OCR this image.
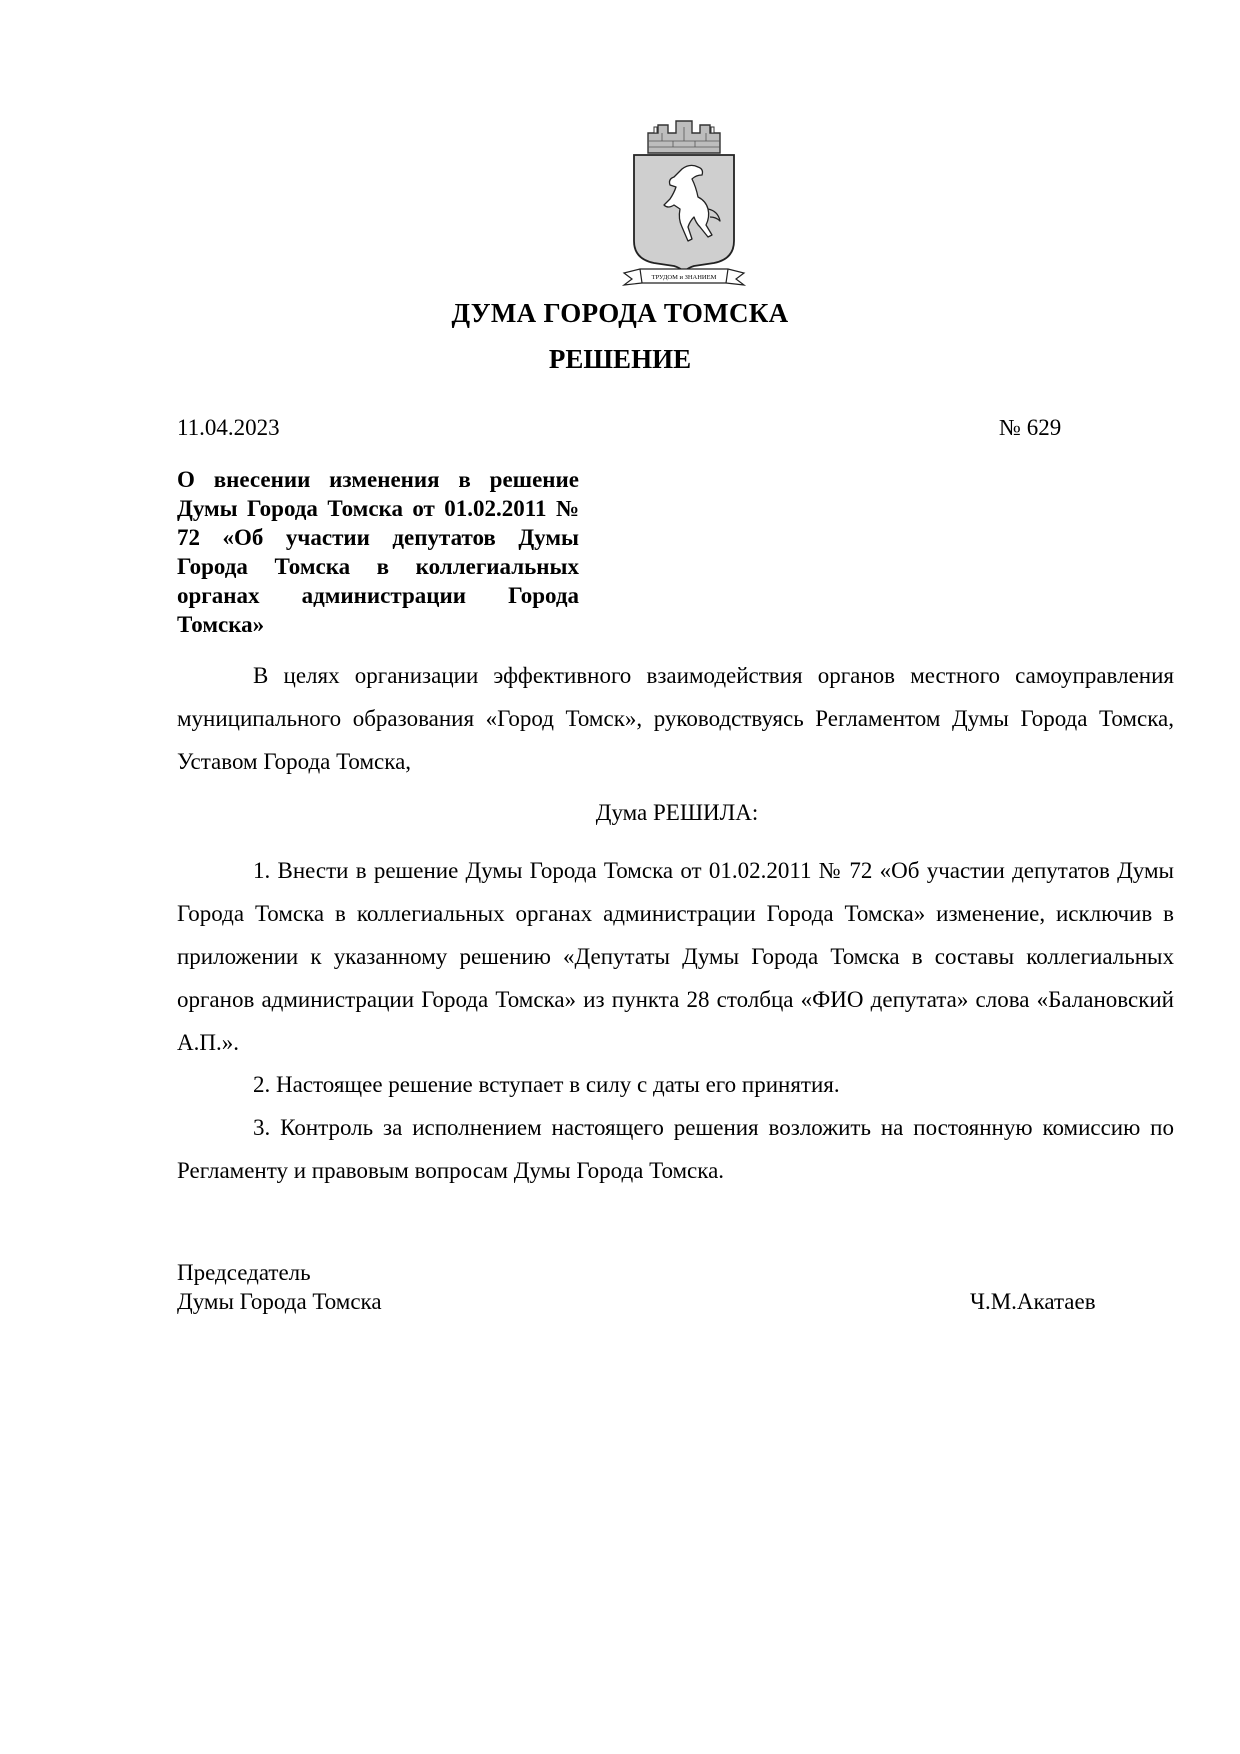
ТРУДОМ и ЗНАНИЕМ
ДУМА ГОРОДА ТОМСКА
РЕШЕНИЕ
11.04.2023	№ 629
О внесении изменения в решение Думы Города Томска от 01.02.2011 № 72 «Об участии депутатов Думы Города Томска в коллегиальных органах администрации Города Томска»
В целях организации эффективного взаимодействия органов местного самоуправления муниципального образования «Город Томск», руководствуясь Регламентом Думы Города Томска, Уставом Города Томска,
Дума РЕШИЛА:
1. Внести в решение Думы Города Томска от 01.02.2011 № 72 «Об участии депутатов Думы Города Томска в коллегиальных органах администрации Города Томска» изменение, исключив в приложении к указанному решению «Депутаты Думы Города Томска в составы коллегиальных органов администрации Города Томска» из пункта 28 столбца «ФИО депутата» слова «Балановский А.П.».
2. Настоящее решение вступает в силу с даты его принятия.
3. Контроль за исполнением настоящего решения возложить на постоянную комиссию по Регламенту и правовым вопросам Думы Города Томска.
Председатель
Думы Города Томска	Ч.М.Акатаев
